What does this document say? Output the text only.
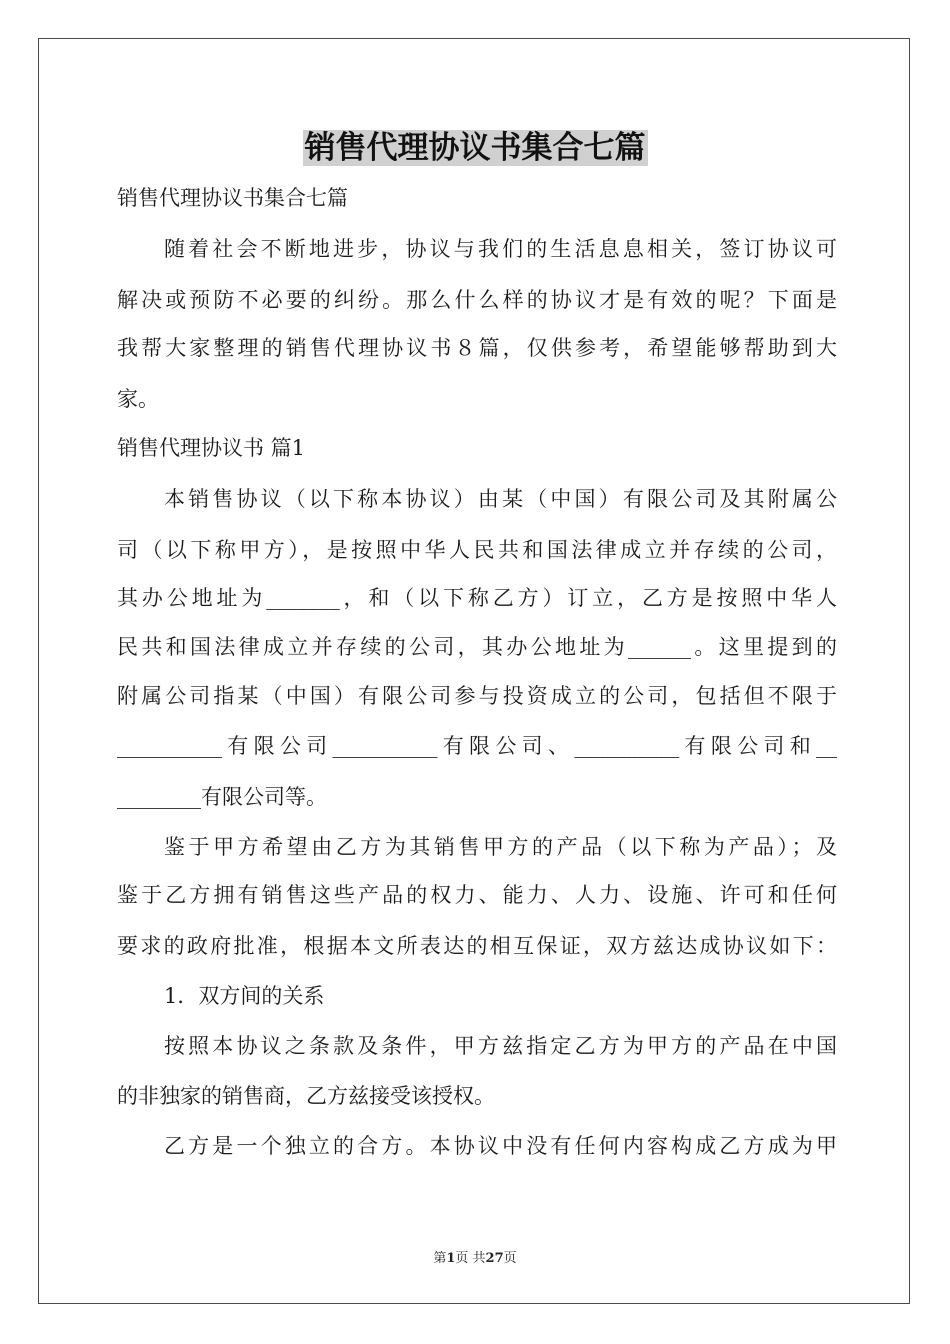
销售代理协议书集合七篇
销售代理协议书集合七篇
随着社会不断地进步，协议与我们的生活息息相关，签订协议可
解决或预防不必要的纠纷。那么什么样的协议才是有效的呢？下面是
我帮大家整理的销售代理协议书８篇，仅供参考，希望能够帮助到大
家。
销售代理协议书 篇1
本销售协议（以下称本协议）由某（中国）有限公司及其附属公
司（以下称甲方），是按照中华人民共和国法律成立并存续的公司，
其办公地址为_______，和（以下称乙方）订立，乙方是按照中华人
民共和国法律成立并存续的公司，其办公地址为______。这里提到的
附属公司指某（中国）有限公司参与投资成立的公司，包括但不限于
__________有限公司__________有限公司、__________有限公司和__
________有限公司等。
鉴于甲方希望由乙方为其销售甲方的产品（以下称为产品）；及
鉴于乙方拥有销售这些产品的权力、能力、人力、设施、许可和任何
要求的政府批准，根据本文所表达的相互保证，双方兹达成协议如下：
1．双方间的关系
按照本协议之条款及条件，甲方兹指定乙方为甲方的产品在中国
的非独家的销售商，乙方兹接受该授权。
乙方是一个独立的合方。本协议中没有任何内容构成乙方成为甲
第1页 共27页
